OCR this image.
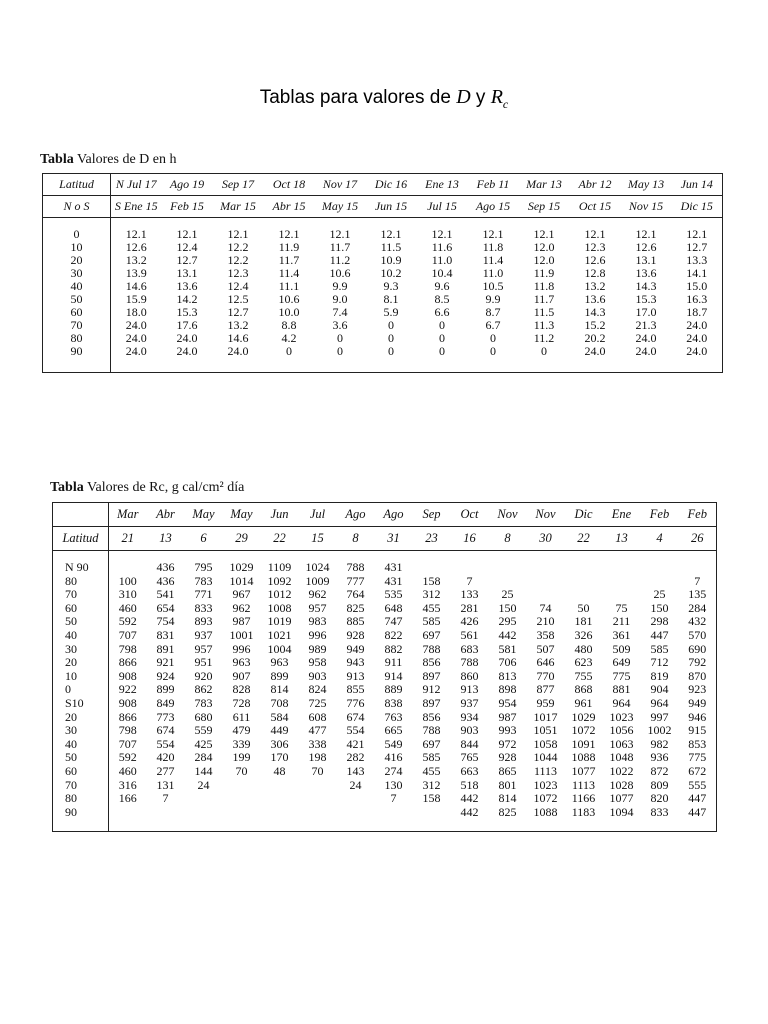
Tablas para valores de D y $R_c$
Tabla Valores de D en h
Latitud	N Jul 17	Ago 19	Sep 17	Oct 18	Nov 17	Dic 16	Ene 13	Feb 11	Mar 13	Abr 12	May 13	Jun 14
N o S	S Ene 15	Feb 15	Mar 15	Abr 15	May 15	Jun 15	Jul 15	Ago 15	Sep 15	Oct 15	Nov 15	Dic 15
0	12.1	12.1	12.1	12.1	12.1	12.1	12.1	12.1	12.1	12.1	12.1	12.1
10	12.6	12.4	12.2	11.9	11.7	11.5	11.6	11.8	12.0	12.3	12.6	12.7
20	13.2	12.7	12.2	11.7	11.2	10.9	11.0	11.4	12.0	12.6	13.1	13.3
30	13.9	13.1	12.3	11.4	10.6	10.2	10.4	11.0	11.9	12.8	13.6	14.1
40	14.6	13.6	12.4	11.1	9.9	9.3	9.6	10.5	11.8	13.2	14.3	15.0
50	15.9	14.2	12.5	10.6	9.0	8.1	8.5	9.9	11.7	13.6	15.3	16.3
60	18.0	15.3	12.7	10.0	7.4	5.9	6.6	8.7	11.5	14.3	17.0	18.7
70	24.0	17.6	13.2	8.8	3.6	0	0	6.7	11.3	15.2	21.3	24.0
80	24.0	24.0	14.6	4.2	0	0	0	0	11.2	20.2	24.0	24.0
90	24.0	24.0	24.0	0	0	0	0	0	0	24.0	24.0	24.0
Tabla Valores de Rc, g cal/cm² día
	Mar	Abr	May	May	Jun	Jul	Ago	Ago	Sep	Oct	Nov	Nov	Dic	Ene	Feb	Feb
Latitud	21	13	6	29	22	15	8	31	23	16	8	30	22	13	4	26
N 90		436	795	1029	1109	1024	788	431								
80	100	436	783	1014	1092	1009	777	431	158	7						7
70	310	541	771	967	1012	962	764	535	312	133	25				25	135
60	460	654	833	962	1008	957	825	648	455	281	150	74	50	75	150	284
50	592	754	893	987	1019	983	885	747	585	426	295	210	181	211	298	432
40	707	831	937	1001	1021	996	928	822	697	561	442	358	326	361	447	570
30	798	891	957	996	1004	989	949	882	788	683	581	507	480	509	585	690
20	866	921	951	963	963	958	943	911	856	788	706	646	623	649	712	792
10	908	924	920	907	899	903	913	914	897	860	813	770	755	775	819	870
0	922	899	862	828	814	824	855	889	912	913	898	877	868	881	904	923
S10	908	849	783	728	708	725	776	838	897	937	954	959	961	964	964	949
20	866	773	680	611	584	608	674	763	856	934	987	1017	1029	1023	997	946
30	798	674	559	479	449	477	554	665	788	903	993	1051	1072	1056	1002	915
40	707	554	425	339	306	338	421	549	697	844	972	1058	1091	1063	982	853
50	592	420	284	199	170	198	282	416	585	765	928	1044	1088	1048	936	775
60	460	277	144	70	48	70	143	274	455	663	865	1113	1077	1022	872	672
70	316	131	24				24	130	312	518	801	1023	1113	1028	809	555
80	166	7						7	158	442	814	1072	1166	1077	820	447
90										442	825	1088	1183	1094	833	447
